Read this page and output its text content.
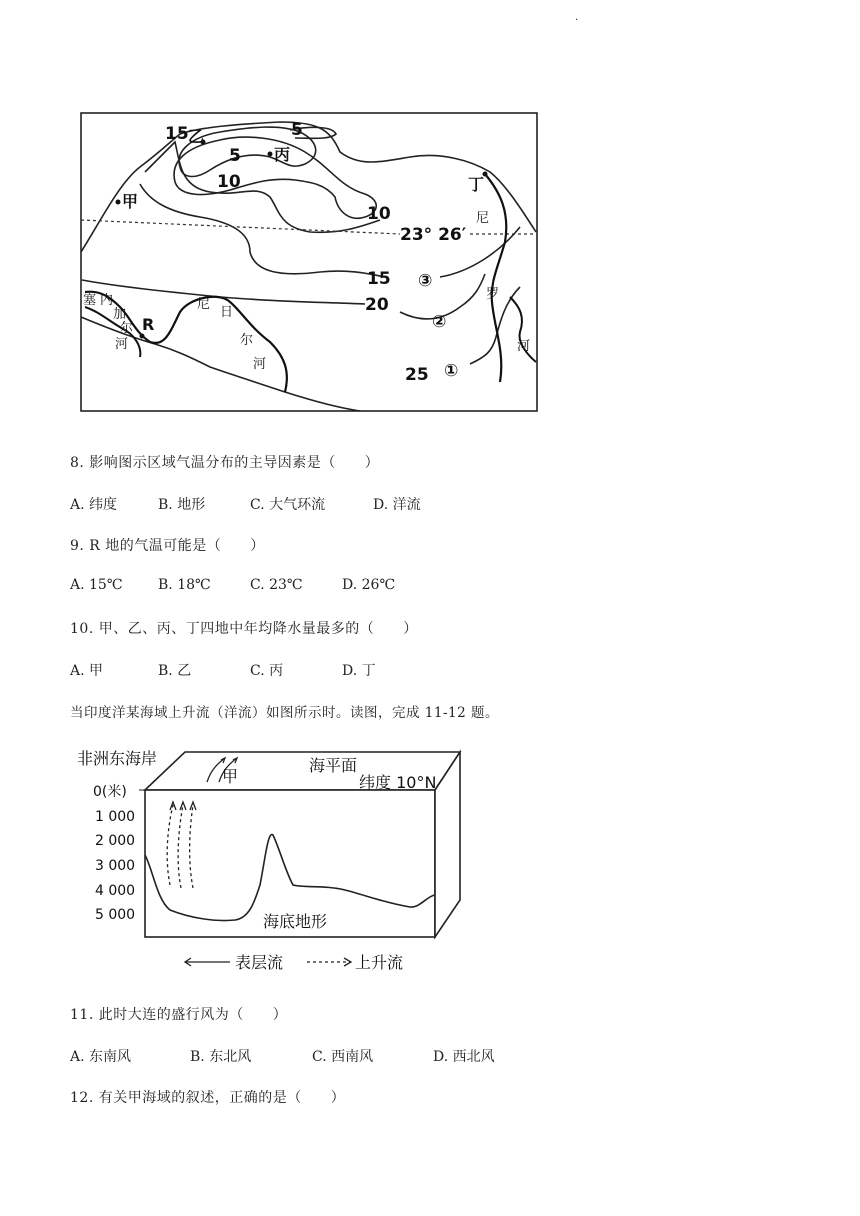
.
5
5
10
15
10
15
20
25
③
②
①
23° 26′
甲
乙
丙
丁
R
尼
罗
河
尼
日
尔
河
塞 内
加
尔
河
8. 影响图示区域气温分布的主导因素是（　　）
A. 纬度	B. 地形	C. 大气环流	D. 洋流
9. R 地的气温可能是（　　）
A. 15℃	B. 18℃	C. 23℃	D. 26℃
10. 甲、乙、丙、丁四地中年均降水量最多的（　　）
A. 甲	B. 乙	C. 丙	D. 丁
当印度洋某海域上升流（洋流）如图所示时。读图，完成 11-12 题。
非洲东海岸	海平面
纬度 10°N
甲
0(米)
1 000
2 000
3 000
4 000
5 000	海底地形
表层流	上升流
11. 此时大连的盛行风为（　　）
A. 东南风	B. 东北风	C. 西南风	D. 西北风
12. 有关甲海域的叙述，正确的是（　　）
